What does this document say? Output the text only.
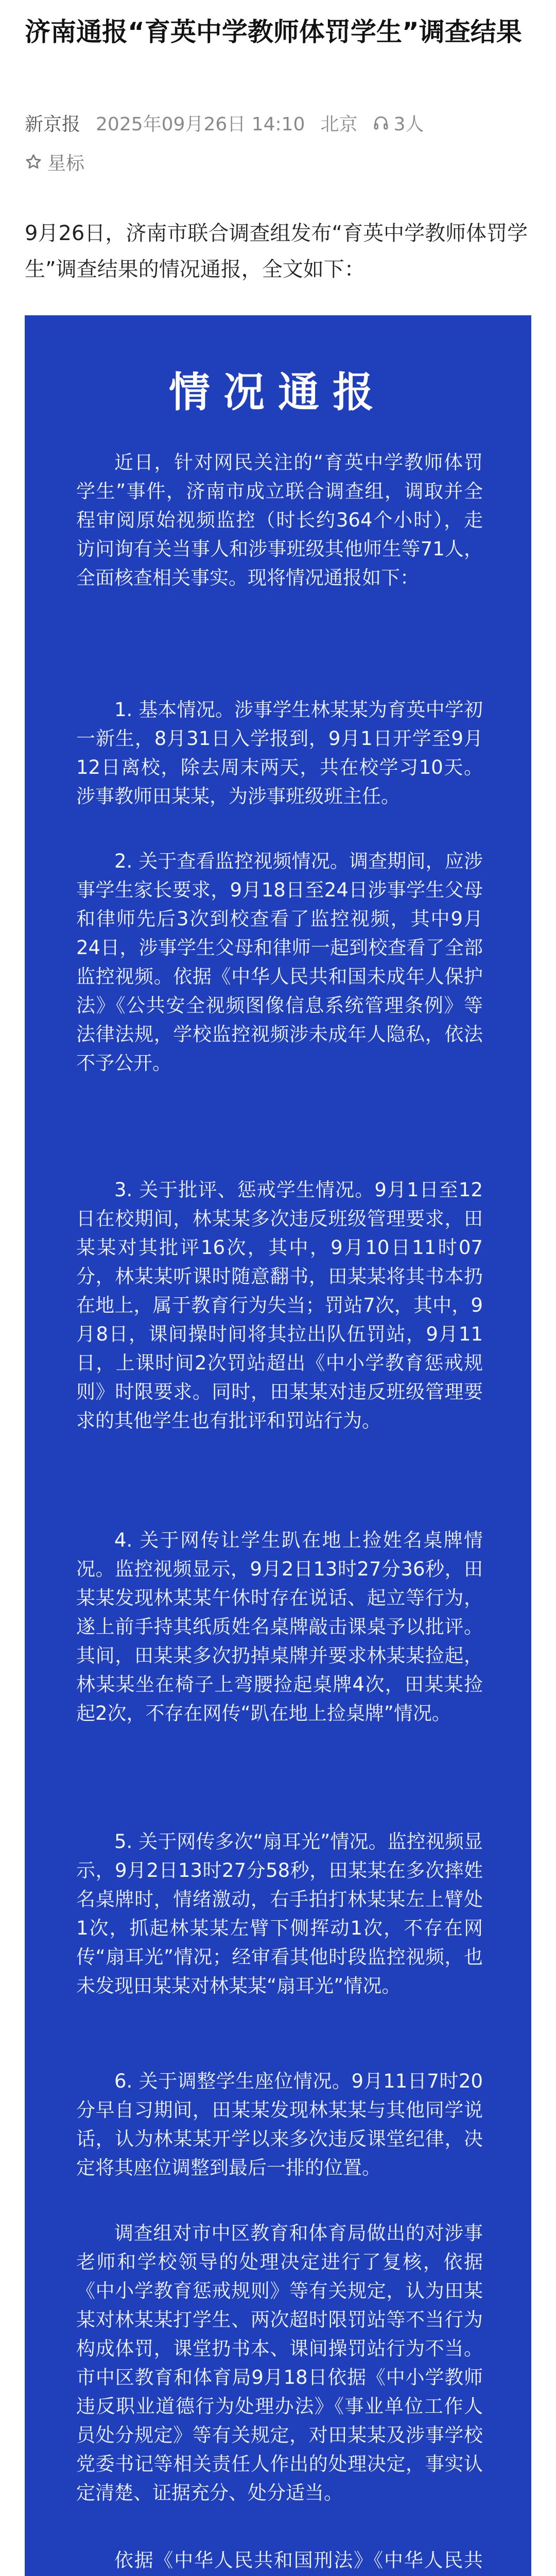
济南通报“育英中学教师体罚学生”调查结果
新京报 2025年09月26日 14:10 北京 3人
星标

9月26日，济南市联合调查组发布“育英中学教师体罚学生”调查结果的情况通报，全文如下：

情况通报

近日，针对网民关注的“育英中学教师体罚学生”事件，济南市成立联合调查组，调取并全程审阅原始视频监控（时长约364个小时），走访问询有关当事人和涉事班级其他师生等71人，全面核查相关事实。现将情况通报如下：

1. 基本情况。涉事学生林某某为育英中学初一新生，8月31日入学报到，9月1日开学至9月12日离校，除去周末两天，共在校学习10天。涉事教师田某某，为涉事班级班主任。

2. 关于查看监控视频情况。调查期间，应涉事学生家长要求，9月18日至24日涉事学生父母和律师先后3次到校查看了监控视频，其中9月24日，涉事学生父母和律师一起到校查看了全部监控视频。依据《中华人民共和国未成年人保护法》《公共安全视频图像信息系统管理条例》等法律法规，学校监控视频涉未成年人隐私，依法不予公开。

3. 关于批评、惩戒学生情况。9月1日至12日在校期间，林某某多次违反班级管理要求，田某某对其批评16次，其中，9月10日11时07分，林某某听课时随意翻书，田某某将其书本扔在地上，属于教育行为失当；罚站7次，其中，9月8日，课间操时间将其拉出队伍罚站，9月11日，上课时间2次罚站超出《中小学教育惩戒规则》时限要求。同时，田某某对违反班级管理要求的其他学生也有批评和罚站行为。

4. 关于网传让学生趴在地上捡姓名桌牌情况。监控视频显示，9月2日13时27分36秒，田某某发现林某某午休时存在说话、起立等行为，遂上前手持其纸质姓名桌牌敲击课桌予以批评。其间，田某某多次扔掉桌牌并要求林某某捡起，林某某坐在椅子上弯腰捡起桌牌4次，田某某捡起2次，不存在网传“趴在地上捡桌牌”情况。

5. 关于网传多次“扇耳光”情况。监控视频显示，9月2日13时27分58秒，田某某在多次摔姓名桌牌时，情绪激动，右手拍打林某某左上臂处1次，抓起林某某左臂下侧挥动1次，不存在网传“扇耳光”情况；经审看其他时段监控视频，也未发现田某某对林某某“扇耳光”情况。

6. 关于调整学生座位情况。9月11日7时20分早自习期间，田某某发现林某某与其他同学说话，认为林某某开学以来多次违反课堂纪律，决定将其座位调整到最后一排的位置。

调查组对市中区教育和体育局做出的对涉事老师和学校领导的处理决定进行了复核，依据《中小学教育惩戒规则》等有关规定，认为田某某对林某某打学生、两次超时限罚站等不当行为构成体罚，课堂扔书本、课间操罚站行为不当。市中区教育和体育局9月18日依据《中小学教师违反职业道德行为处理办法》《事业单位工作人员处分规定》等有关规定，对田某某及涉事学校党委书记等相关责任人作出的处理决定，事实认定清楚、证据充分、处分适当。

依据《中华人民共和国刑法》《中华人民共
